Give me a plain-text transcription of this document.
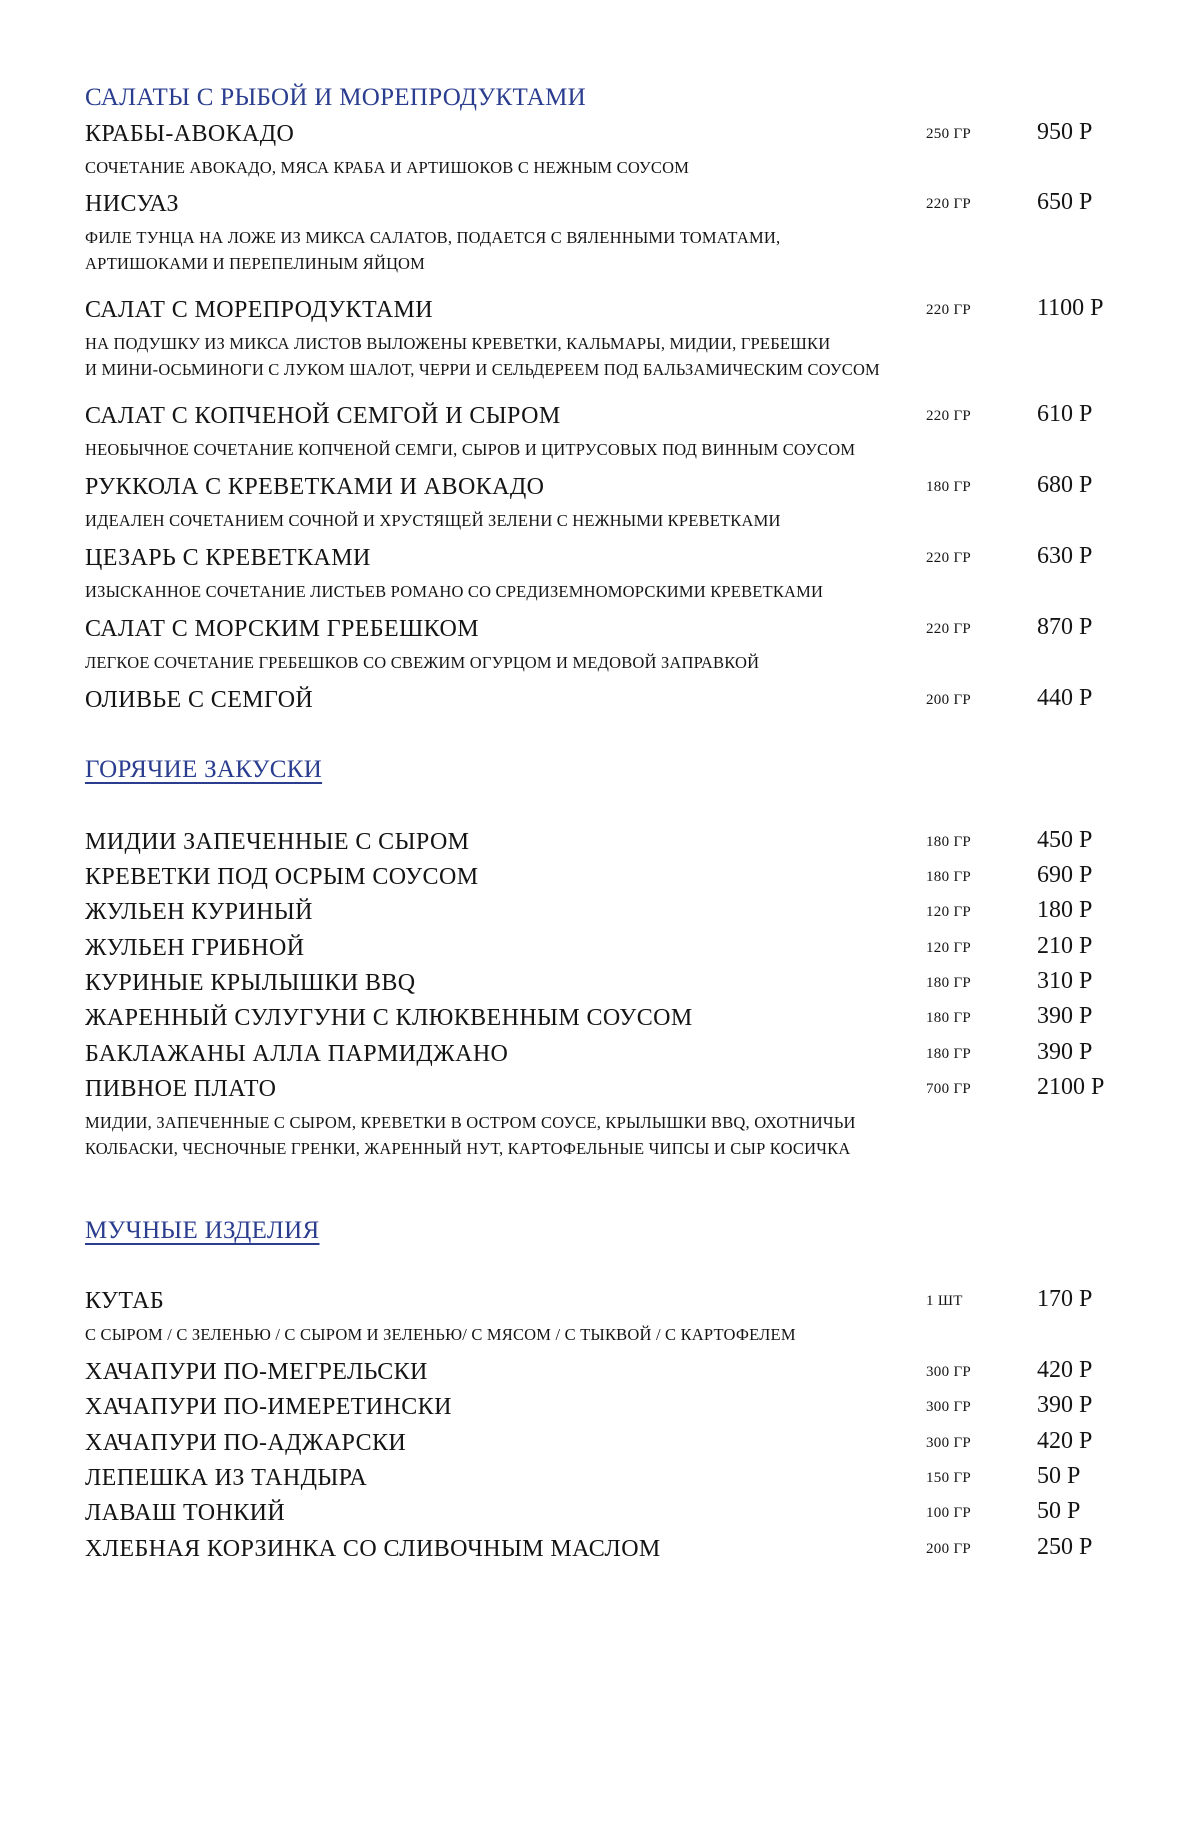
САЛАТЫ С РЫБОЙ И МОРЕПРОДУКТАМИ
КРАБЫ-АВОКАДО	250 ГР	950 Р
СОЧЕТАНИЕ АВОКАДО, МЯСА КРАБА И АРТИШОКОВ С НЕЖНЫМ СОУСОМ
НИСУАЗ	220 ГР	650 Р
ФИЛЕ ТУНЦА НА ЛОЖЕ ИЗ МИКСА САЛАТОВ, ПОДАЕТСЯ С ВЯЛЕННЫМИ ТОМАТАМИ,
АРТИШОКАМИ И ПЕРЕПЕЛИНЫМ ЯЙЦОМ
САЛАТ С МОРЕПРОДУКТАМИ	220 ГР	1100 Р
НА ПОДУШКУ ИЗ МИКСА ЛИСТОВ ВЫЛОЖЕНЫ КРЕВЕТКИ, КАЛЬМАРЫ, МИДИИ, ГРЕБЕШКИ
И МИНИ-ОСЬМИНОГИ С ЛУКОМ ШАЛОТ, ЧЕРРИ И СЕЛЬДЕРЕЕМ ПОД БАЛЬЗАМИЧЕСКИМ СОУСОМ
САЛАТ С КОПЧЕНОЙ СЕМГОЙ И СЫРОМ	220 ГР	610 Р
НЕОБЫЧНОЕ СОЧЕТАНИЕ КОПЧЕНОЙ СЕМГИ, СЫРОВ И ЦИТРУСОВЫХ ПОД ВИННЫМ СОУСОМ
РУККОЛА С КРЕВЕТКАМИ И АВОКАДО	180 ГР	680 Р
ИДЕАЛЕН СОЧЕТАНИЕМ СОЧНОЙ И ХРУСТЯЩЕЙ ЗЕЛЕНИ С НЕЖНЫМИ КРЕВЕТКАМИ
ЦЕЗАРЬ С КРЕВЕТКАМИ	220 ГР	630 Р
ИЗЫСКАННОЕ СОЧЕТАНИЕ ЛИСТЬЕВ РОМАНО СО СРЕДИЗЕМНОМОРСКИМИ КРЕВЕТКАМИ
САЛАТ С МОРСКИМ ГРЕБЕШКОМ	220 ГР	870 Р
ЛЕГКОЕ СОЧЕТАНИЕ ГРЕБЕШКОВ СО СВЕЖИМ ОГУРЦОМ И МЕДОВОЙ ЗАПРАВКОЙ
ОЛИВЬЕ С СЕМГОЙ	200 ГР	440 Р
ГОРЯЧИЕ ЗАКУСКИ
МИДИИ ЗАПЕЧЕННЫЕ С СЫРОМ	180 ГР	450 Р
КРЕВЕТКИ ПОД ОСРЫМ СОУСОМ	180 ГР	690 Р
ЖУЛЬЕН КУРИНЫЙ	120 ГР	180 Р
ЖУЛЬЕН ГРИБНОЙ	120 ГР	210 Р
КУРИНЫЕ КРЫЛЫШКИ BBQ	180 ГР	310 Р
ЖАРЕННЫЙ СУЛУГУНИ С КЛЮКВЕННЫМ СОУСОМ	180 ГР	390 Р
БАКЛАЖАНЫ АЛЛА ПАРМИДЖАНО	180 ГР	390 Р
ПИВНОЕ ПЛАТО	700 ГР	2100 Р
МИДИИ, ЗАПЕЧЕННЫЕ С СЫРОМ, КРЕВЕТКИ В ОСТРОМ СОУСЕ, КРЫЛЫШКИ BBQ, ОХОТНИЧЬИ
КОЛБАСКИ, ЧЕСНОЧНЫЕ ГРЕНКИ, ЖАРЕННЫЙ НУТ, КАРТОФЕЛЬНЫЕ ЧИПСЫ И СЫР КОСИЧКА
МУЧНЫЕ ИЗДЕЛИЯ
КУТАБ	1 ШТ	170 Р
С СЫРОМ / С ЗЕЛЕНЬЮ / С СЫРОМ И ЗЕЛЕНЬЮ/ С МЯСОМ / С ТЫКВОЙ / С КАРТОФЕЛЕМ
ХАЧАПУРИ ПО-МЕГРЕЛЬСКИ	300 ГР	420 Р
ХАЧАПУРИ ПО-ИМЕРЕТИНСКИ	300 ГР	390 Р
ХАЧАПУРИ ПО-АДЖАРСКИ	300 ГР	420 Р
ЛЕПЕШКА ИЗ ТАНДЫРА	150 ГР	50 Р
ЛАВАШ ТОНКИЙ	100 ГР	50 Р
ХЛЕБНАЯ КОРЗИНКА СО СЛИВОЧНЫМ МАСЛОМ	200 ГР	250 Р
